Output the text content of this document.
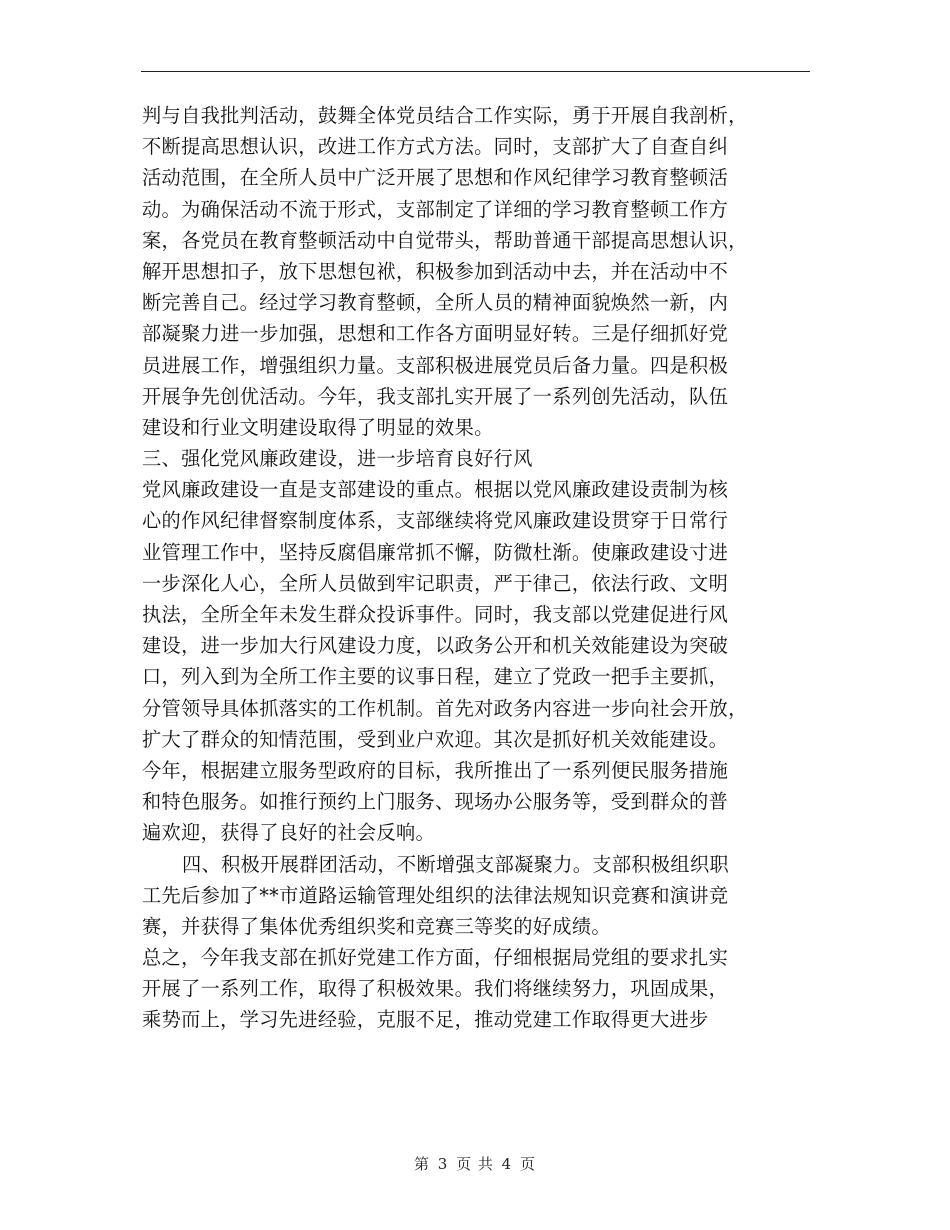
判与自我批判活动，鼓舞全体党员结合工作实际，勇于开展自我剖析，
不断提高思想认识，改进工作方式方法。同时，支部扩大了自查自纠
活动范围，在全所人员中广泛开展了思想和作风纪律学习教育整顿活
动。为确保活动不流于形式，支部制定了详细的学习教育整顿工作方
案，各党员在教育整顿活动中自觉带头，帮助普通干部提高思想认识，
解开思想扣子，放下思想包袱，积极参加到活动中去，并在活动中不
断完善自己。经过学习教育整顿，全所人员的精神面貌焕然一新，内
部凝聚力进一步加强，思想和工作各方面明显好转。三是仔细抓好党
员进展工作，增强组织力量。支部积极进展党员后备力量。四是积极
开展争先创优活动。今年，我支部扎实开展了一系列创先活动，队伍
建设和行业文明建设取得了明显的效果。
三、强化党风廉政建设，进一步培育良好行风
党风廉政建设一直是支部建设的重点。根据以党风廉政建设责制为核
心的作风纪律督察制度体系，支部继续将党风廉政建设贯穿于日常行
业管理工作中，坚持反腐倡廉常抓不懈，防微杜渐。使廉政建设寸进
一步深化人心，全所人员做到牢记职责，严于律己，依法行政、文明
执法，全所全年未发生群众投诉事件。同时，我支部以党建促进行风
建设，进一步加大行风建设力度，以政务公开和机关效能建设为突破
口，列入到为全所工作主要的议事日程，建立了党政一把手主要抓，
分管领导具体抓落实的工作机制。首先对政务内容进一步向社会开放，
扩大了群众的知情范围，受到业户欢迎。其次是抓好机关效能建设。
今年，根据建立服务型政府的目标，我所推出了一系列便民服务措施
和特色服务。如推行预约上门服务、现场办公服务等，受到群众的普
遍欢迎，获得了良好的社会反响。
四、积极开展群团活动，不断增强支部凝聚力。支部积极组织职
工先后参加了**市道路运输管理处组织的法律法规知识竞赛和演讲竞
赛，并获得了集体优秀组织奖和竞赛三等奖的好成绩。
总之，今年我支部在抓好党建工作方面，仔细根据局党组的要求扎实
开展了一系列工作，取得了积极效果。我们将继续努力，巩固成果，
乘势而上，学习先进经验，克服不足，推动党建工作取得更大进步
第 3 页 共 4 页
